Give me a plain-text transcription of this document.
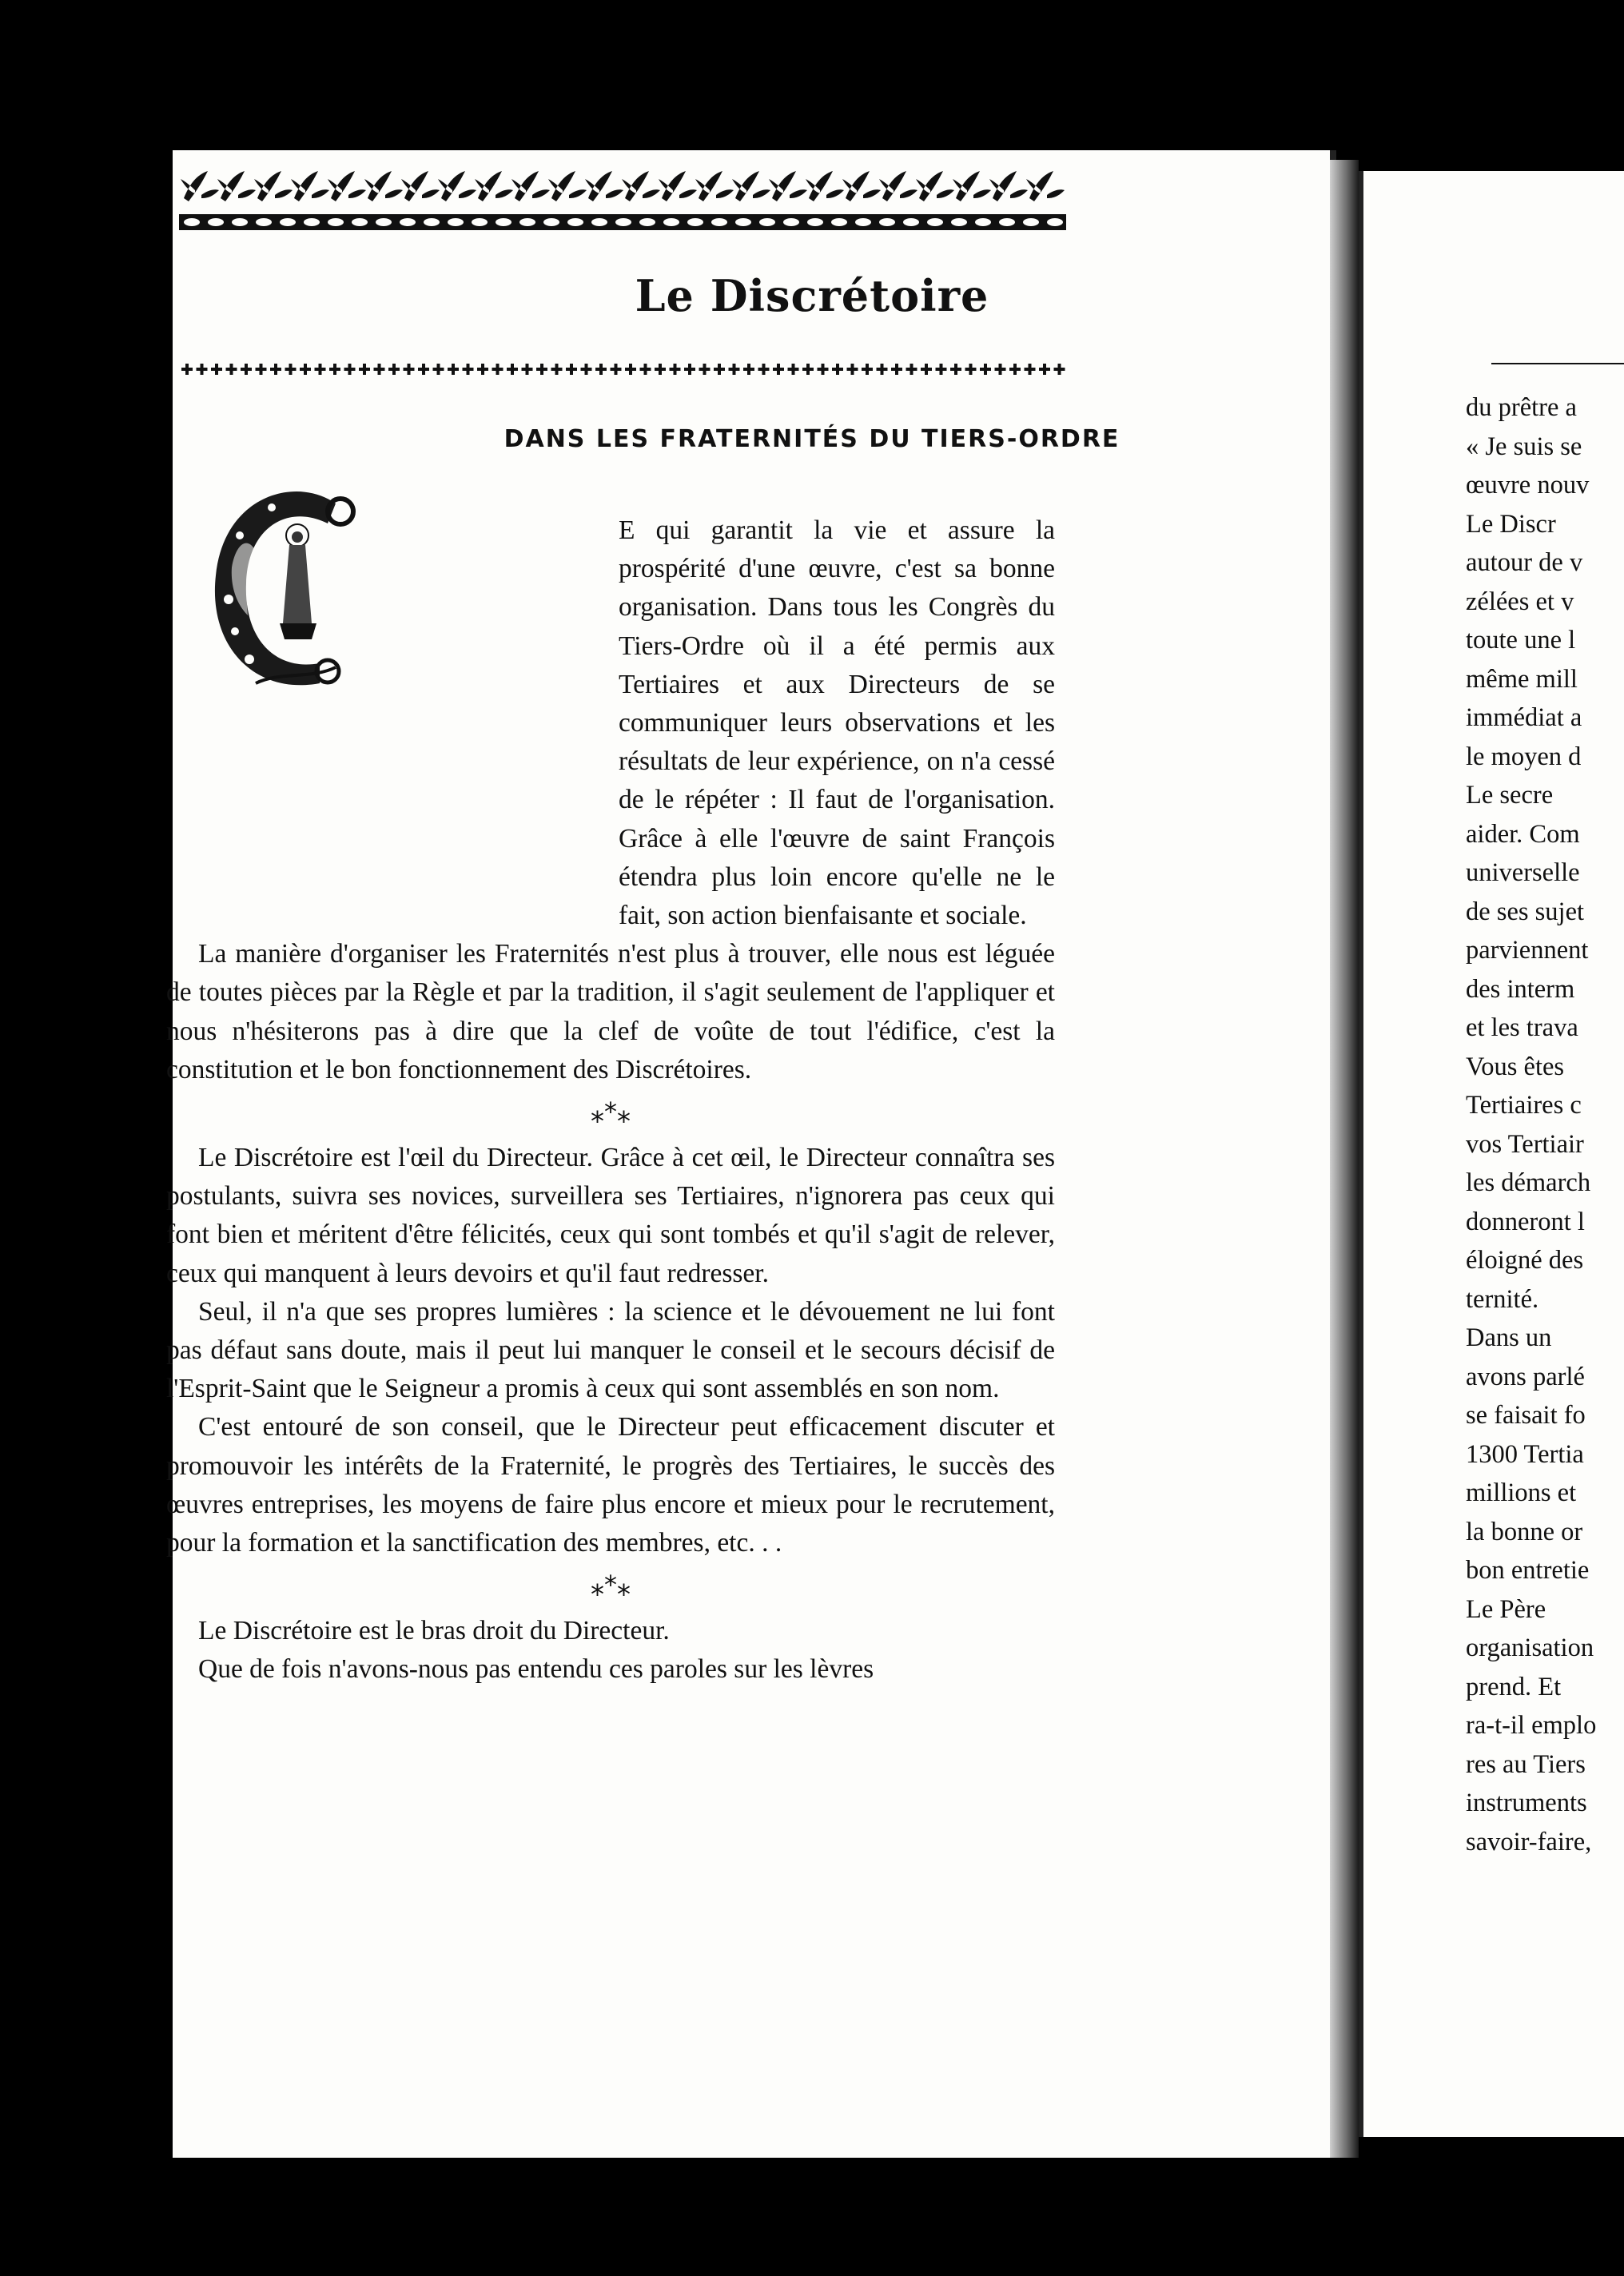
du prêtre a
« Je suis se
œuvre nouv
Le Discr
autour de v
zélées et v
toute une l
même mill
immédiat a
le moyen d
Le secre
aider. Com
universelle
de ses sujet
parviennent
des interm
et les trava
Vous êtes
Tertiaires c
vos Tertiair
les démarch
donneront l
éloigné des
ternité.
Dans un
avons parlé
se faisait fo
1300 Tertia
millions et
la bonne or
bon entretie
Le Père
organisation
prend. Et
ra-t-il emplo
res au Tiers
instruments
savoir-faire,
Le Discrétoire
DANS LES FRATERNITÉS DU TIERS-ORDRE

E qui garantit la vie et assure la prospérité d'une œuvre, c'est sa bonne organisation. Dans tous les Congrès du Tiers-Ordre où il a été permis aux Tertiaires et aux Directeurs de se communiquer leurs observations et les résultats de leur expérience, on n'a cessé de le répéter : Il faut de l'organisation. Grâce à elle l'œuvre de saint François étendra plus loin encore qu'elle ne le fait, son action bienfaisante et sociale.

La manière d'organiser les Fraternités n'est plus à trouver, elle nous est léguée de toutes pièces par la Règle et par la tradition, il s'agit seulement de l'appliquer et nous n'hésiterons pas à dire que la clef de voûte de tout l'édifice, c'est la constitution et le bon fonctionnement des Discrétoires.

***

Le Discrétoire est l'œil du Directeur. Grâce à cet œil, le Directeur connaîtra ses postulants, suivra ses novices, surveillera ses Tertiaires, n'ignorera pas ceux qui font bien et méritent d'être félicités, ceux qui sont tombés et qu'il s'agit de relever, ceux qui manquent à leurs devoirs et qu'il faut redresser.

Seul, il n'a que ses propres lumières : la science et le dévouement ne lui font pas défaut sans doute, mais il peut lui manquer le conseil et le secours décisif de l'Esprit-Saint que le Seigneur a promis à ceux qui sont assemblés en son nom.

C'est entouré de son conseil, que le Directeur peut efficacement discuter et promouvoir les intérêts de la Fraternité, le progrès des Tertiaires, le succès des œuvres entreprises, les moyens de faire plus encore et mieux pour le recrutement, pour la formation et la sanctification des membres, etc. . .

***

Le Discrétoire est le bras droit du Directeur.

Que de fois n'avons-nous pas entendu ces paroles sur les lèvres
